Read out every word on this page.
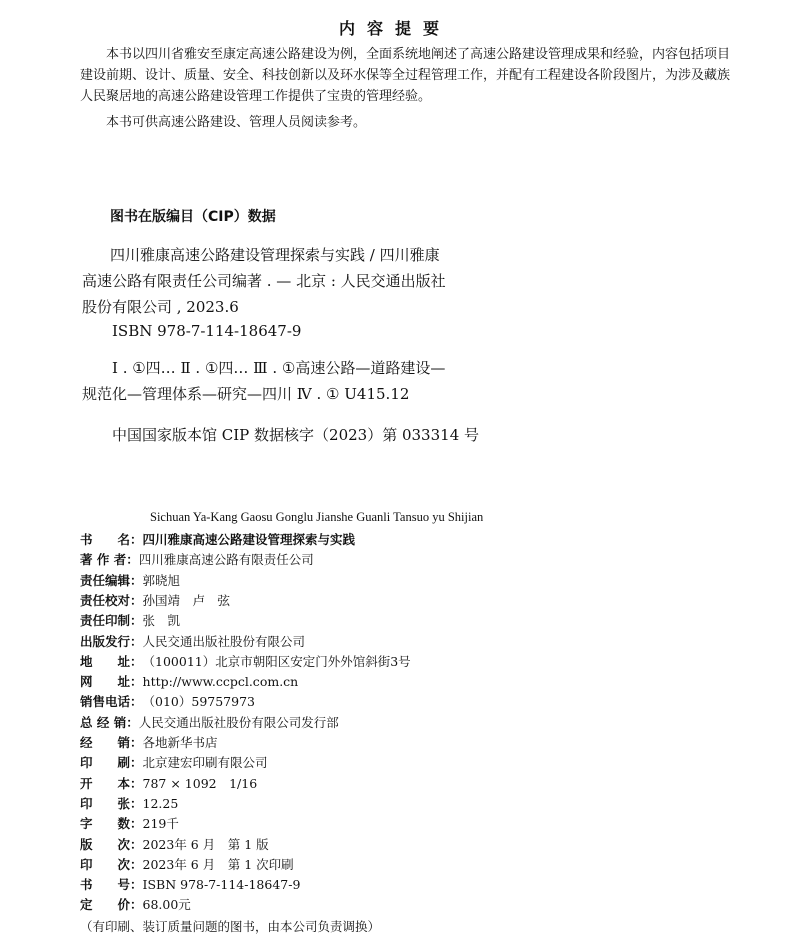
内容提要
本书以四川省雅安至康定高速公路建设为例，全面系统地阐述了高速公路建设管理成果和经验，内容包括项目建设前期、设计、质量、安全、科技创新以及环水保等全过程管理工作，并配有工程建设各阶段图片，为涉及藏族人民聚居地的高速公路建设管理工作提供了宝贵的管理经验。
本书可供高速公路建设、管理人员阅读参考。
图书在版编目（CIP）数据
四川雅康高速公路建设管理探索与实践 / 四川雅康
高速公路有限责任公司编著 . — 北京 : 人民交通出版社
股份有限公司 , 2023.6
ISBN 978-7-114-18647-9
Ⅰ . ①四… Ⅱ . ①四… Ⅲ . ①高速公路—道路建设—
规范化—管理体系—研究—四川 Ⅳ . ① U415.12
中国国家版本馆 CIP 数据核字（2023）第 033314 号
Sichuan Ya-Kang Gaosu Gonglu Jianshe Guanli Tansuo yu Shijian
书　　名：四川雅康高速公路建设管理探索与实践
著 作 者：四川雅康高速公路有限责任公司
责任编辑：郭晓旭
责任校对：孙国靖　卢　弦
责任印制：张　凯
出版发行：人民交通出版社股份有限公司
地　　址：（100011）北京市朝阳区安定门外外馆斜街3号
网　　址：http://www.ccpcl.com.cn
销售电话：（010）59757973
总 经 销：人民交通出版社股份有限公司发行部
经　　销：各地新华书店
印　　刷：北京建宏印刷有限公司
开　　本：787 × 1092　1/16
印　　张：12.25
字　　数：219千
版　　次：2023年 6 月　第 1 版
印　　次：2023年 6 月　第 1 次印刷
书　　号：ISBN 978-7-114-18647-9
定　　价：68.00元
（有印刷、装订质量问题的图书，由本公司负责调换）
